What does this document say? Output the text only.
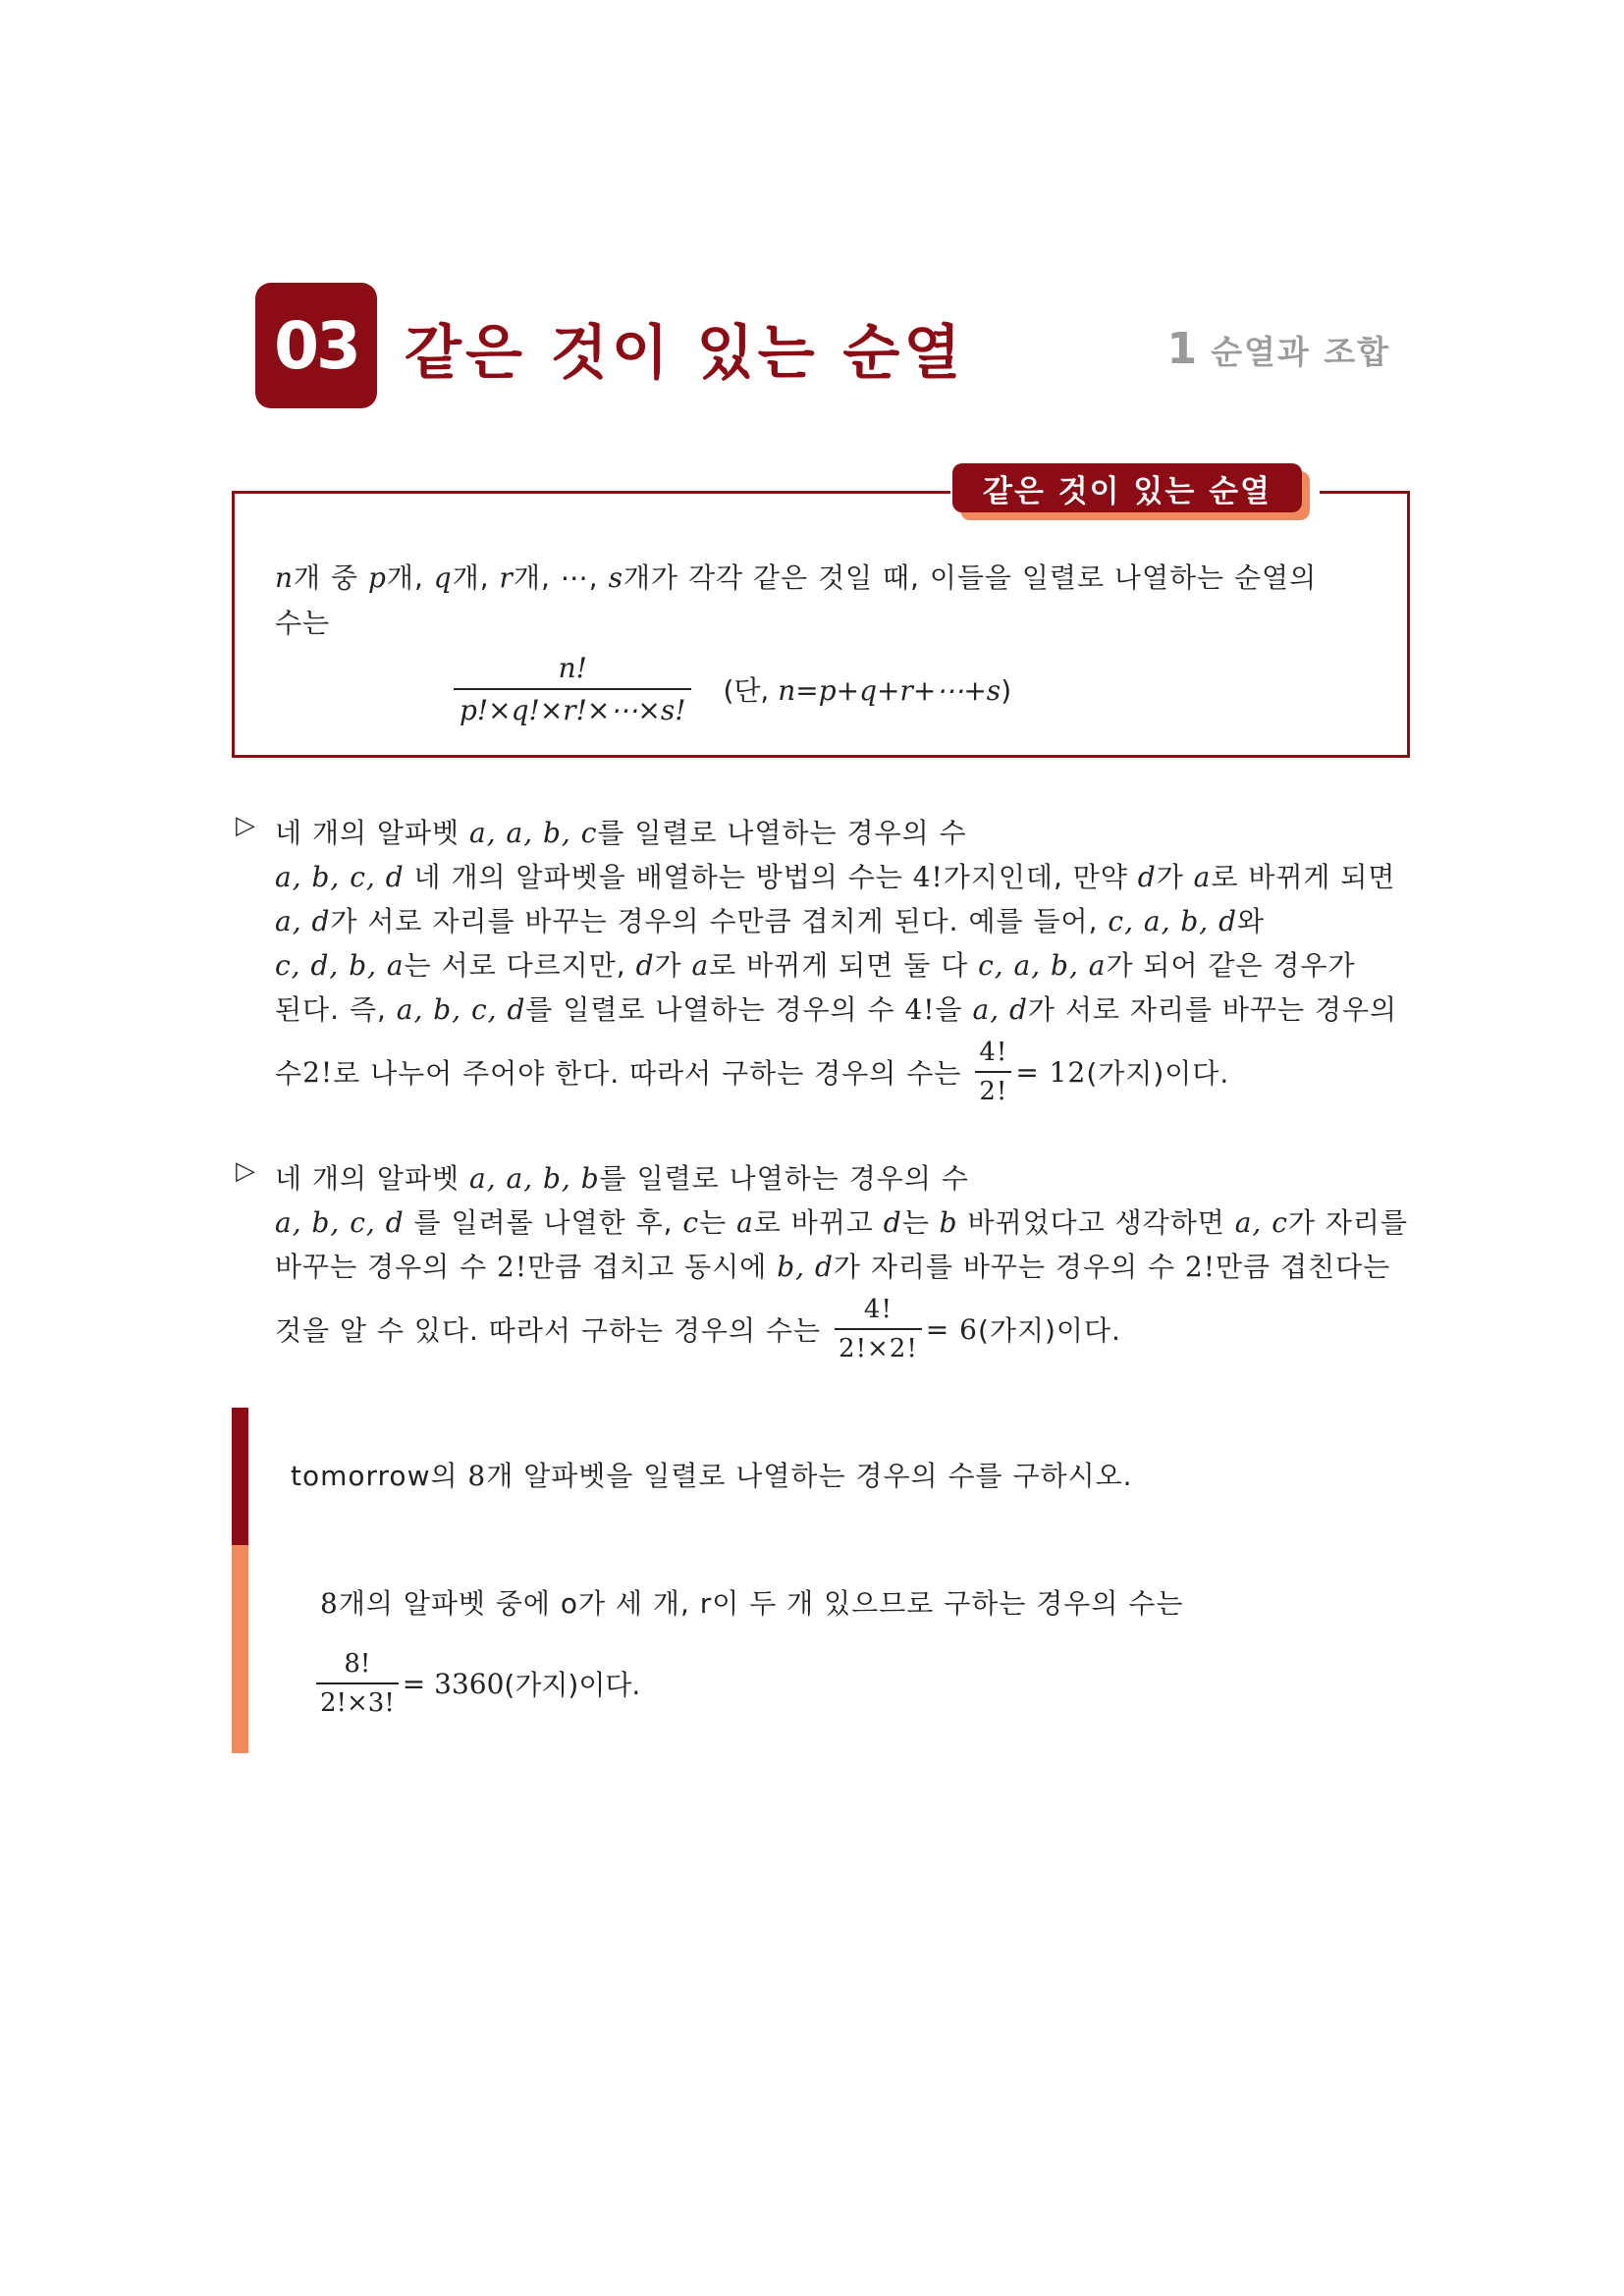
03 같은 것이 있는 순열	1 순열과 조합
같은 것이 있는 순열
n개 중 p개, q개, r개, ⋯, s개가 각각 같은 것일 때, 이들을 일렬로 나열하는 순열의
수는
$\frac{n!}{p!\times q!\times r!\times\cdots\times s!}$ (단, n=p+q+r+⋯+s)
▷ 네 개의 알파벳 a, a, b, c를 일렬로 나열하는 경우의 수
a, b, c, d 네 개의 알파벳을 배열하는 방법의 수는 4!가지인데, 만약 d가 a로 바뀌게 되면
a, d가 서로 자리를 바꾸는 경우의 수만큼 겹치게 된다. 예를 들어, c, a, b, d와
c, d, b, a는 서로 다르지만, d가 a로 바뀌게 되면 둘 다 c, a, b, a가 되어 같은 경우가
된다. 즉, a, b, c, d를 일렬로 나열하는 경우의 수 4!을 a, d가 서로 자리를 바꾸는 경우의
수 2! 로 나누어 주어야 한다. 따라서 구하는 경우의 수는 $\frac{4!}{2!} = 12$ (가지)이다.
▷ 네 개의 알파벳 a, a, b, b를 일렬로 나열하는 경우의 수
a, b, c, d 를 일려롤 나열한 후, c는 a로 바뀌고 d는 b 바뀌었다고 생각하면 a, c가 자리를
바꾸는 경우의 수 2!만큼 겹치고 동시에 b, d가 자리를 바꾸는 경우의 수 2!만큼 겹친다는
것을 알 수 있다. 따라서 구하는 경우의 수는 $\frac{4!}{2!\times 2!} = 6$ (가지)이다.
tomorrow의 8개 알파벳을 일렬로 나열하는 경우의 수를 구하시오.
8개의 알파벳 중에 o가 세 개, r이 두 개 있으므로 구하는 경우의 수는
$\frac{8!}{2!\times 3!} = 3360$ (가지)이다.
